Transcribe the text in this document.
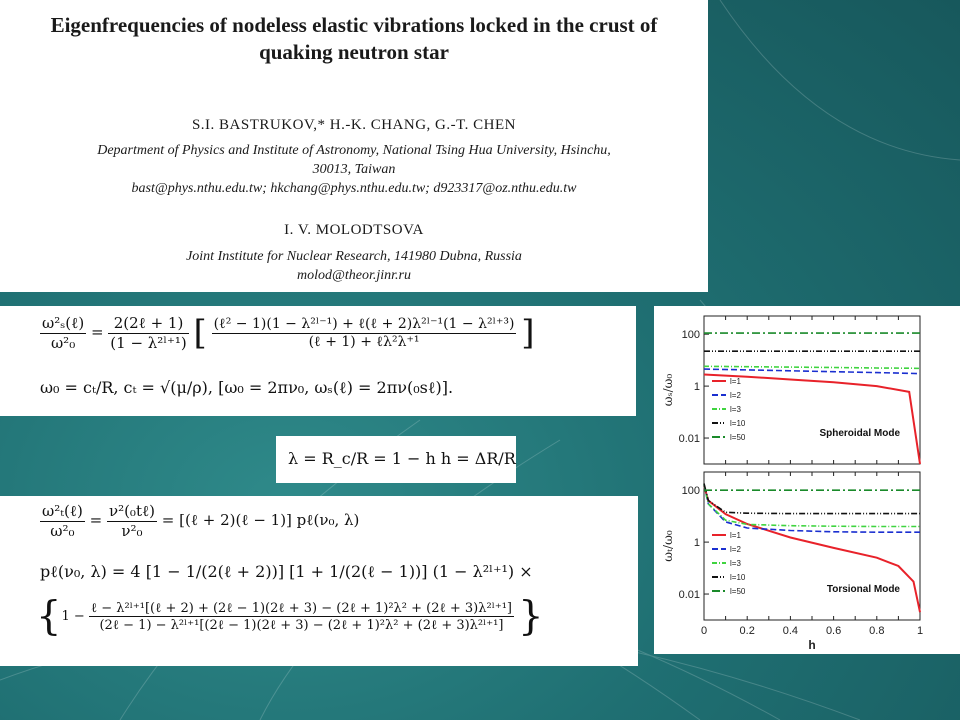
Eigenfrequencies of nodeless elastic vibrations locked in the crust of
quaking neutron star
S.I. BASTRUKOV,* H.-K. CHANG, G.-T. CHEN
Department of Physics and Institute of Astronomy, National Tsing Hua University, Hsinchu,
30013, Taiwan
bast@phys.nthu.edu.tw; hkchang@phys.nthu.edu.tw; d923317@oz.nthu.edu.tw
I. V. MOLODTSOVA
Joint Institute for Nuclear Research, 141980 Dubna, Russia
molod@theor.jinr.ru
$\frac{\text{ω²ₛ(ℓ)}}{\text{ω²₀}} = \frac{\text{2(2ℓ + 1)}}{\text{(1 − λ²ˡ⁺¹)}}$ [ $\frac{\text{(ℓ² − 1)(1 − λ²ˡ⁻¹) + ℓ(ℓ + 2)λ²ˡ⁻¹(1 − λ²ˡ⁺³)}}{\text{(ℓ + 1) + ℓλ²λ⁺¹}}$ ]
ω₀ = cₜ/R, cₜ = √(μ/ρ), [ω₀ = 2πν₀, ωₛ(ℓ) = 2πν(₀sℓ)].
λ = R_c/R = 1 − h h = ΔR/R
$\frac{\text{ω²ₜ(ℓ)}}{\text{ω²₀}} = \frac{\text{ν²(₀tℓ)}}{\text{ν²₀}}$ = [(ℓ + 2)(ℓ − 1)] pℓ(ν₀, λ)
pℓ(ν₀, λ) = 4 [1 − 1/(2(ℓ + 2))] [1 + 1/(2(ℓ − 1))] (1 − λ²ˡ⁺¹) ×
{1 −
ℓ − λ²ˡ⁺¹[(ℓ + 2) + (2ℓ − 1)(2ℓ + 3) − (2ℓ + 1)²λ² + (2ℓ + 3)λ²ˡ⁺¹]
(2ℓ − 1) − λ²ˡ⁺¹[(2ℓ − 1)(2ℓ + 3) − (2ℓ + 1)²λ² + (2ℓ + 3)λ²ˡ⁺¹] }
100
1
0.01
ωₛ/ω₀	l=1
l=2
l=3
l=10
l=50	Spheroidal Mode
100
1
0.01
ωₜ/ω₀	l=1
l=2
l=3
l=10
l=50	Torsional Mode
0	0.2	0.4	0.6	0.8	1
h
